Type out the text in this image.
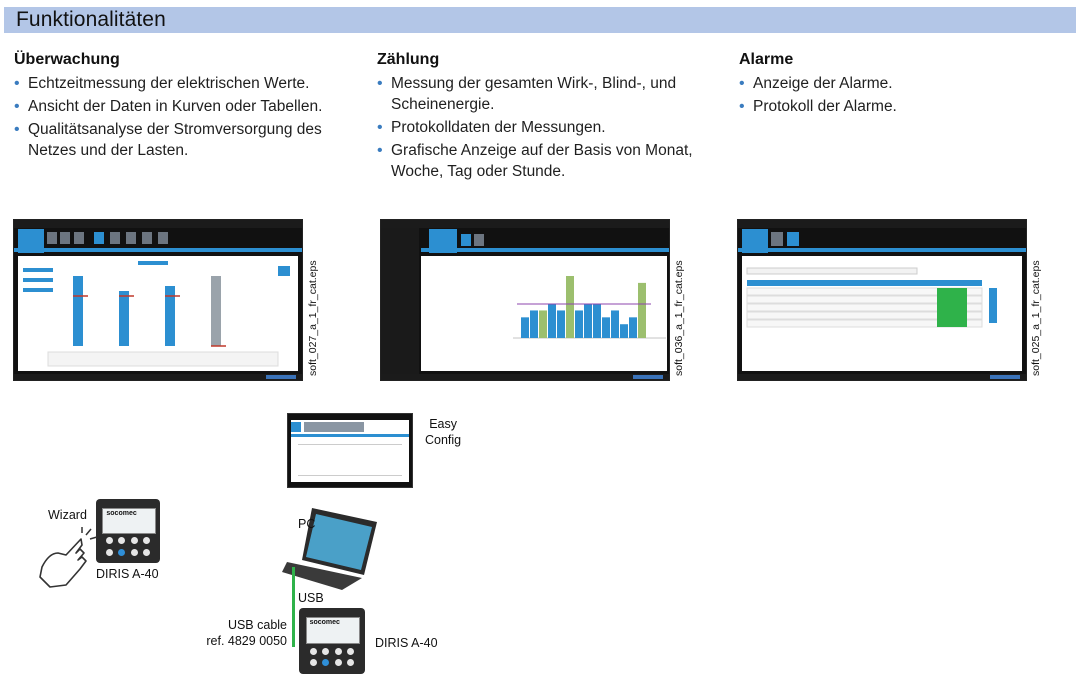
Funktionalitäten
Überwachung
• Echtzeitmessung der elektrischen Werte.
• Ansicht der Daten in Kurven oder Tabellen.
• Qualitätsanalyse der Stromversorgung des Netzes und der Lasten.
Zählung
• Messung der gesamten Wirk-, Blind-, und Scheinenergie.
• Protokolldaten der Messungen.
• Grafische Anzeige auf der Basis von Monat, Woche, Tag oder Stunde.
Alarme
• Anzeige der Alarme.
• Protokoll der Alarme.
soft_027_a_1_fr_cat.eps	soft_036_a_1_fr_cat.eps	soft_025_a_1_fr_cat.eps
Easy
Config
PC
USB
USB cable
ref. 4829 0050
socomec
DIRIS A-40
socomec
Wizard
DIRIS A-40
